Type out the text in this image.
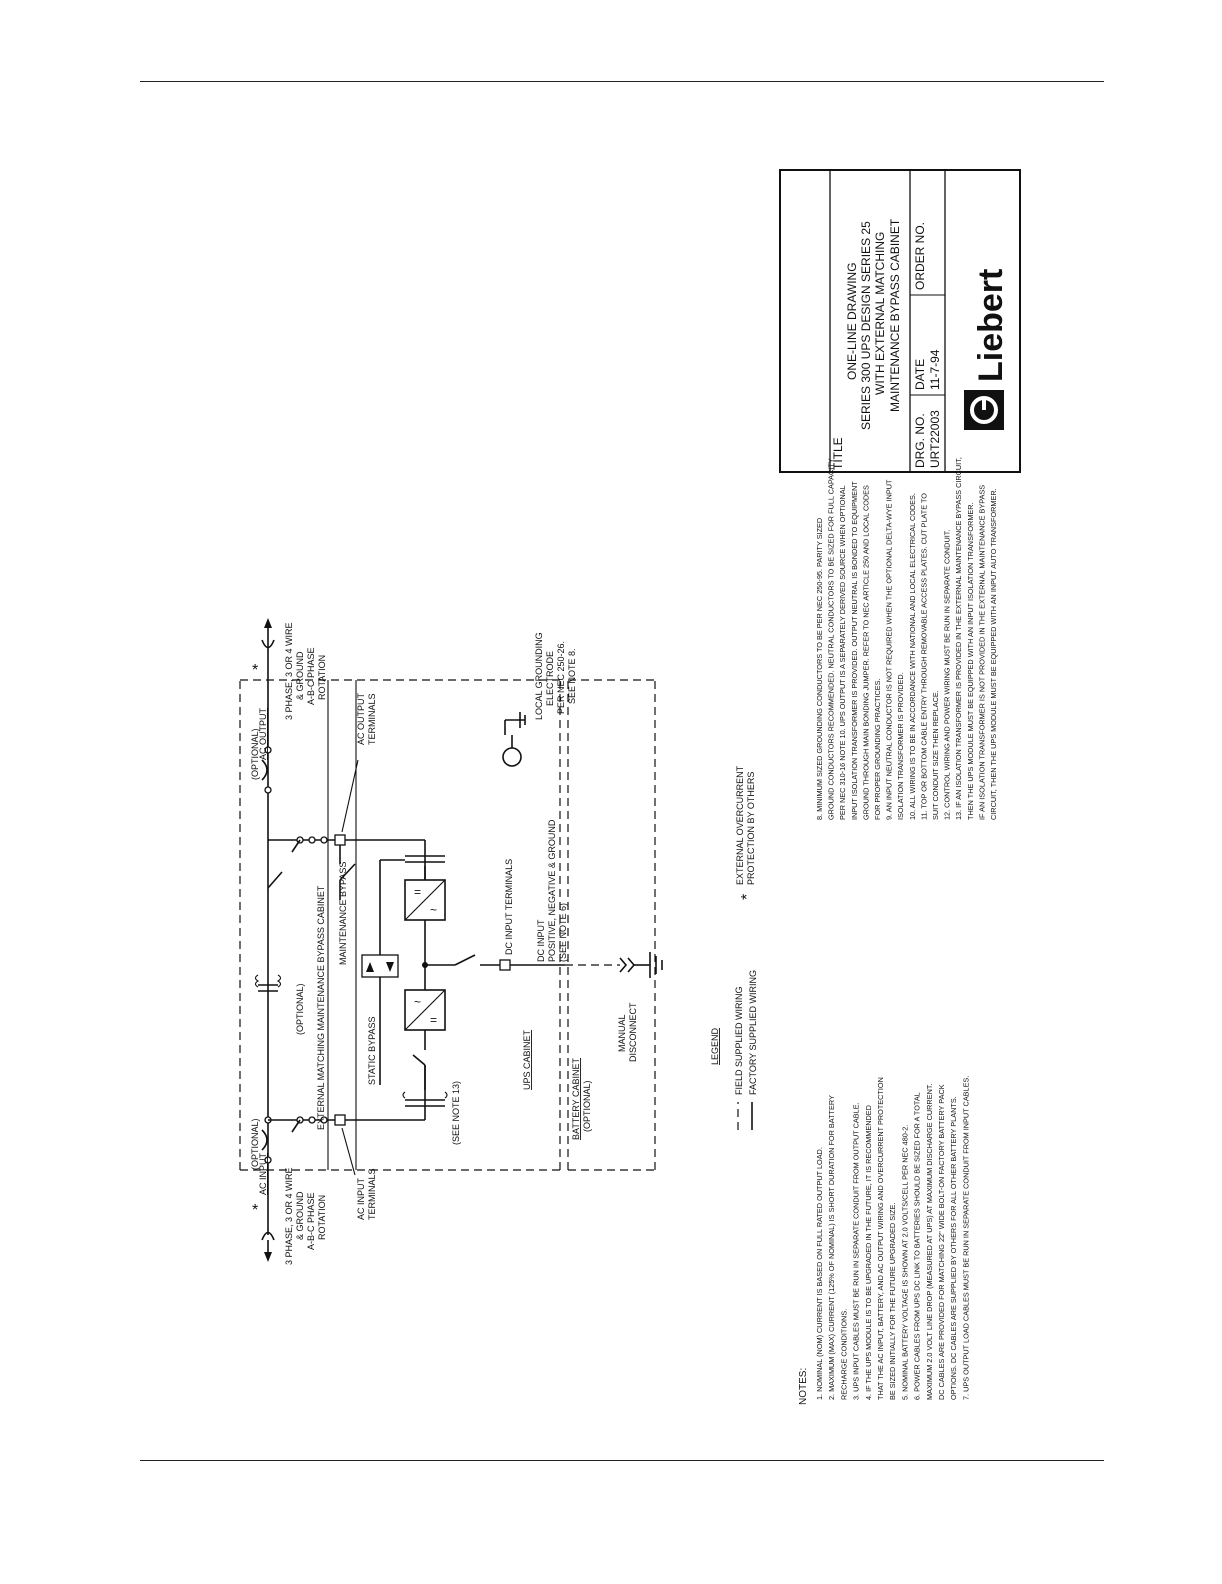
TITLE
ONE-LINE DRAWING SERIES 300 UPS DESIGN SERIES 25 WITH EXTERNAL MATCHING MAINTENANCE BYPASS CABINET
DRG. NO. URT22003
DATE 11-7-94
ORDER NO.
Liebert
~
=
=
~
AC INPUT
AC OUTPUT
3 PHASE, 3 OR 4 WIRE & GROUND A-B-C PHASE ROTATION
3 PHASE, 3 OR 4 WIRE & GROUND A-B-C PHASE ROTATION
(OPTIONAL)
(OPTIONAL)
(OPTIONAL)
EXTERNAL MATCHING MAINTENANCE BYPASS CABINET MAINTENANCE BYPASS
STATIC BYPASS
(SEE NOTE 13)
UPS CABINET
DC INPUT TERMINALS DC INPUT POSITIVE, NEGATIVE & GROUND (SEE NOTE 6)
BATTERY CABINET (OPTIONAL)
MANUAL DISCONNECT
AC INPUT TERMINALS
AC OUTPUT TERMINALS	LOCAL GROUNDING ELECTRODE PER NEC 250-26. SEE NOTE 8.
*
*
LEGEND FIELD SUPPLIED WIRING FACTORY SUPPLIED WIRING
*
EXTERNAL OVERCURRENT PROTECTION BY OTHERS
NOTES: 1. NOMINAL (NOM) CURRENT IS BASED ON FULL RATED OUTPUT LOAD. 2. MAXIMUM (MAX) CURRENT (125% OF NOMINAL) IS SHORT DURATION FOR BATTERY RECHARGE CONDITIONS. 3. UPS INPUT CABLES MUST BE RUN IN SEPARATE CONDUIT FROM OUTPUT CABLE. 4. IF THE UPS MODULE IS TO BE UPGRADED IN THE FUTURE, IT IS RECOMMENDED THAT THE AC INPUT, BATTERY, AND AC OUTPUT WIRING AND OVERCURRENT PROTECTION BE SIZED INITIALLY FOR THE FUTURE UPGRADED SIZE. 5. NOMINAL BATTERY VOLTAGE IS SHOWN AT 2.0 VOLTS/CELL PER NEC 480-2. 6. POWER CABLES FROM UPS DC LINK TO BATTERIES SHOULD BE SIZED FOR A TOTAL MAXIMUM 2.0 VOLT LINE DROP (MEASURED AT UPS) AT MAXIMUM DISCHARGE CURRENT. DC CABLES ARE PROVIDED FOR MATCHING 22" WIDE BOLT-ON FACTORY BATTERY PACK OPTIONS. DC CABLES ARE SUPPLIED BY OTHERS FOR ALL OTHER BATTERY PLANTS. 7. UPS OUTPUT LOAD CABLES MUST BE RUN IN SEPARATE CONDUIT FROM INPUT CABLES.
8. MINIMUM SIZED GROUNDING CONDUCTORS TO BE PER NEC 250-95. PARITY SIZED GROUND CONDUCTORS RECOMMENDED. NEUTRAL CONDUCTORS TO BE SIZED FOR FULL CAPACITY PER NEC 310-16 NOTE 10. UPS OUTPUT IS A SEPARATELY DERIVED SOURCE WHEN OPTIONAL INPUT ISOLATION TRANSFORMER IS PROVIDED. OUTPUT NEUTRAL IS BONDED TO EQUIPMENT GROUND THROUGH MAIN BONDING JUMPER. REFER TO NEC ARTICLE 250 AND LOCAL CODES FOR PROPER GROUNDING PRACTICES. 9. AN INPUT NEUTRAL CONDUCTOR IS NOT REQUIRED WHEN THE OPTIONAL DELTA-WYE INPUT ISOLATION TRANSFORMER IS PROVIDED. 10. ALL WIRING IS TO BE IN ACCORDANCE WITH NATIONAL AND LOCAL ELECTRICAL CODES. 11. TOP OR BOTTOM CABLE ENTRY THROUGH REMOVABLE ACCESS PLATES. CUT PLATE TO SUIT CONDUIT SIZE THEN REPLACE. 12. CONTROL WIRING AND POWER WIRING MUST BE RUN IN SEPARATE CONDUIT. 13. IF AN ISOLATION TRANSFORMER IS PROVIDED IN THE EXTERNAL MAINTENANCE BYPASS CIRCUIT, THEN THE UPS MODULE MUST BE EQUIPPED WITH AN INPUT ISOLATION TRANSFORMER. IF AN ISOLATION TRANSFORMER IS NOT PROVIDED IN THE EXTERNAL MAINTENANCE BYPASS CIRCUIT, THEN THE UPS MODULE MUST BE EQUIPPED WITH AN INPUT AUTO TRANSFORMER.
